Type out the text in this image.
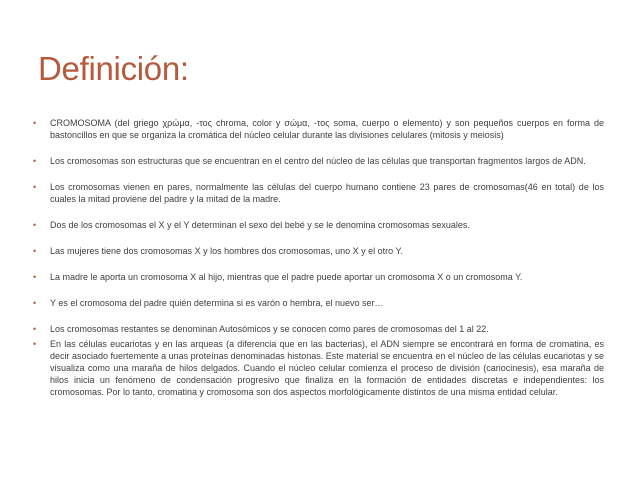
Definición:
• CROMOSOMA (del griego χρώμα, -τος chroma, color y σώμα, -τος soma, cuerpo o elemento) y son pequeños cuerpos en forma de bastoncillos en que se organiza la cromática del núcleo celular durante las divisiones celulares (mitosis y meiosis)
• Los cromosomas son estructuras que se encuentran en el centro del núcleo de las células que transportan fragmentos largos de ADN.
• Los cromosomas vienen en pares, normalmente las células del cuerpo humano contiene 23 pares de cromosomas(46 en total) de los cuales la mitad proviene del padre y la mitad de la madre.
• Dos de los cromosomas el X y el Y determinan el sexo del bebé y se le denomina cromosomas sexuales.
• Las mujeres tiene dos cromosomas X y los hombres dos cromosomas, uno X y el otro Y.
• La madre le aporta un cromosoma X al hijo, mientras que el padre puede aportar un cromosoma X o un cromosoma Y.
• Y es el cromosoma del padre quién determina si es varón o hembra, el nuevo ser…
• Los cromosomas restantes se denominan Autosómicos y se conocen como pares de cromosomas del 1 al 22.
• En las células eucariotas y en las arqueas (a diferencia que en las bacterias), el ADN siempre se encontrará en forma de cromatina, es decir asociado fuertemente a unas proteínas denominadas histonas. Este material se encuentra en el núcleo de las células eucariotas y se visualiza como una maraña de hilos delgados. Cuando el núcleo celular comienza el proceso de división (cariocinesis), esa maraña de hilos inicia un fenómeno de condensación progresivo que finaliza en la formación de entidades discretas e independientes: los cromosomas. Por lo tanto, cromatina y cromosoma son dos aspectos morfológicamente distintos de una misma entidad celular.
